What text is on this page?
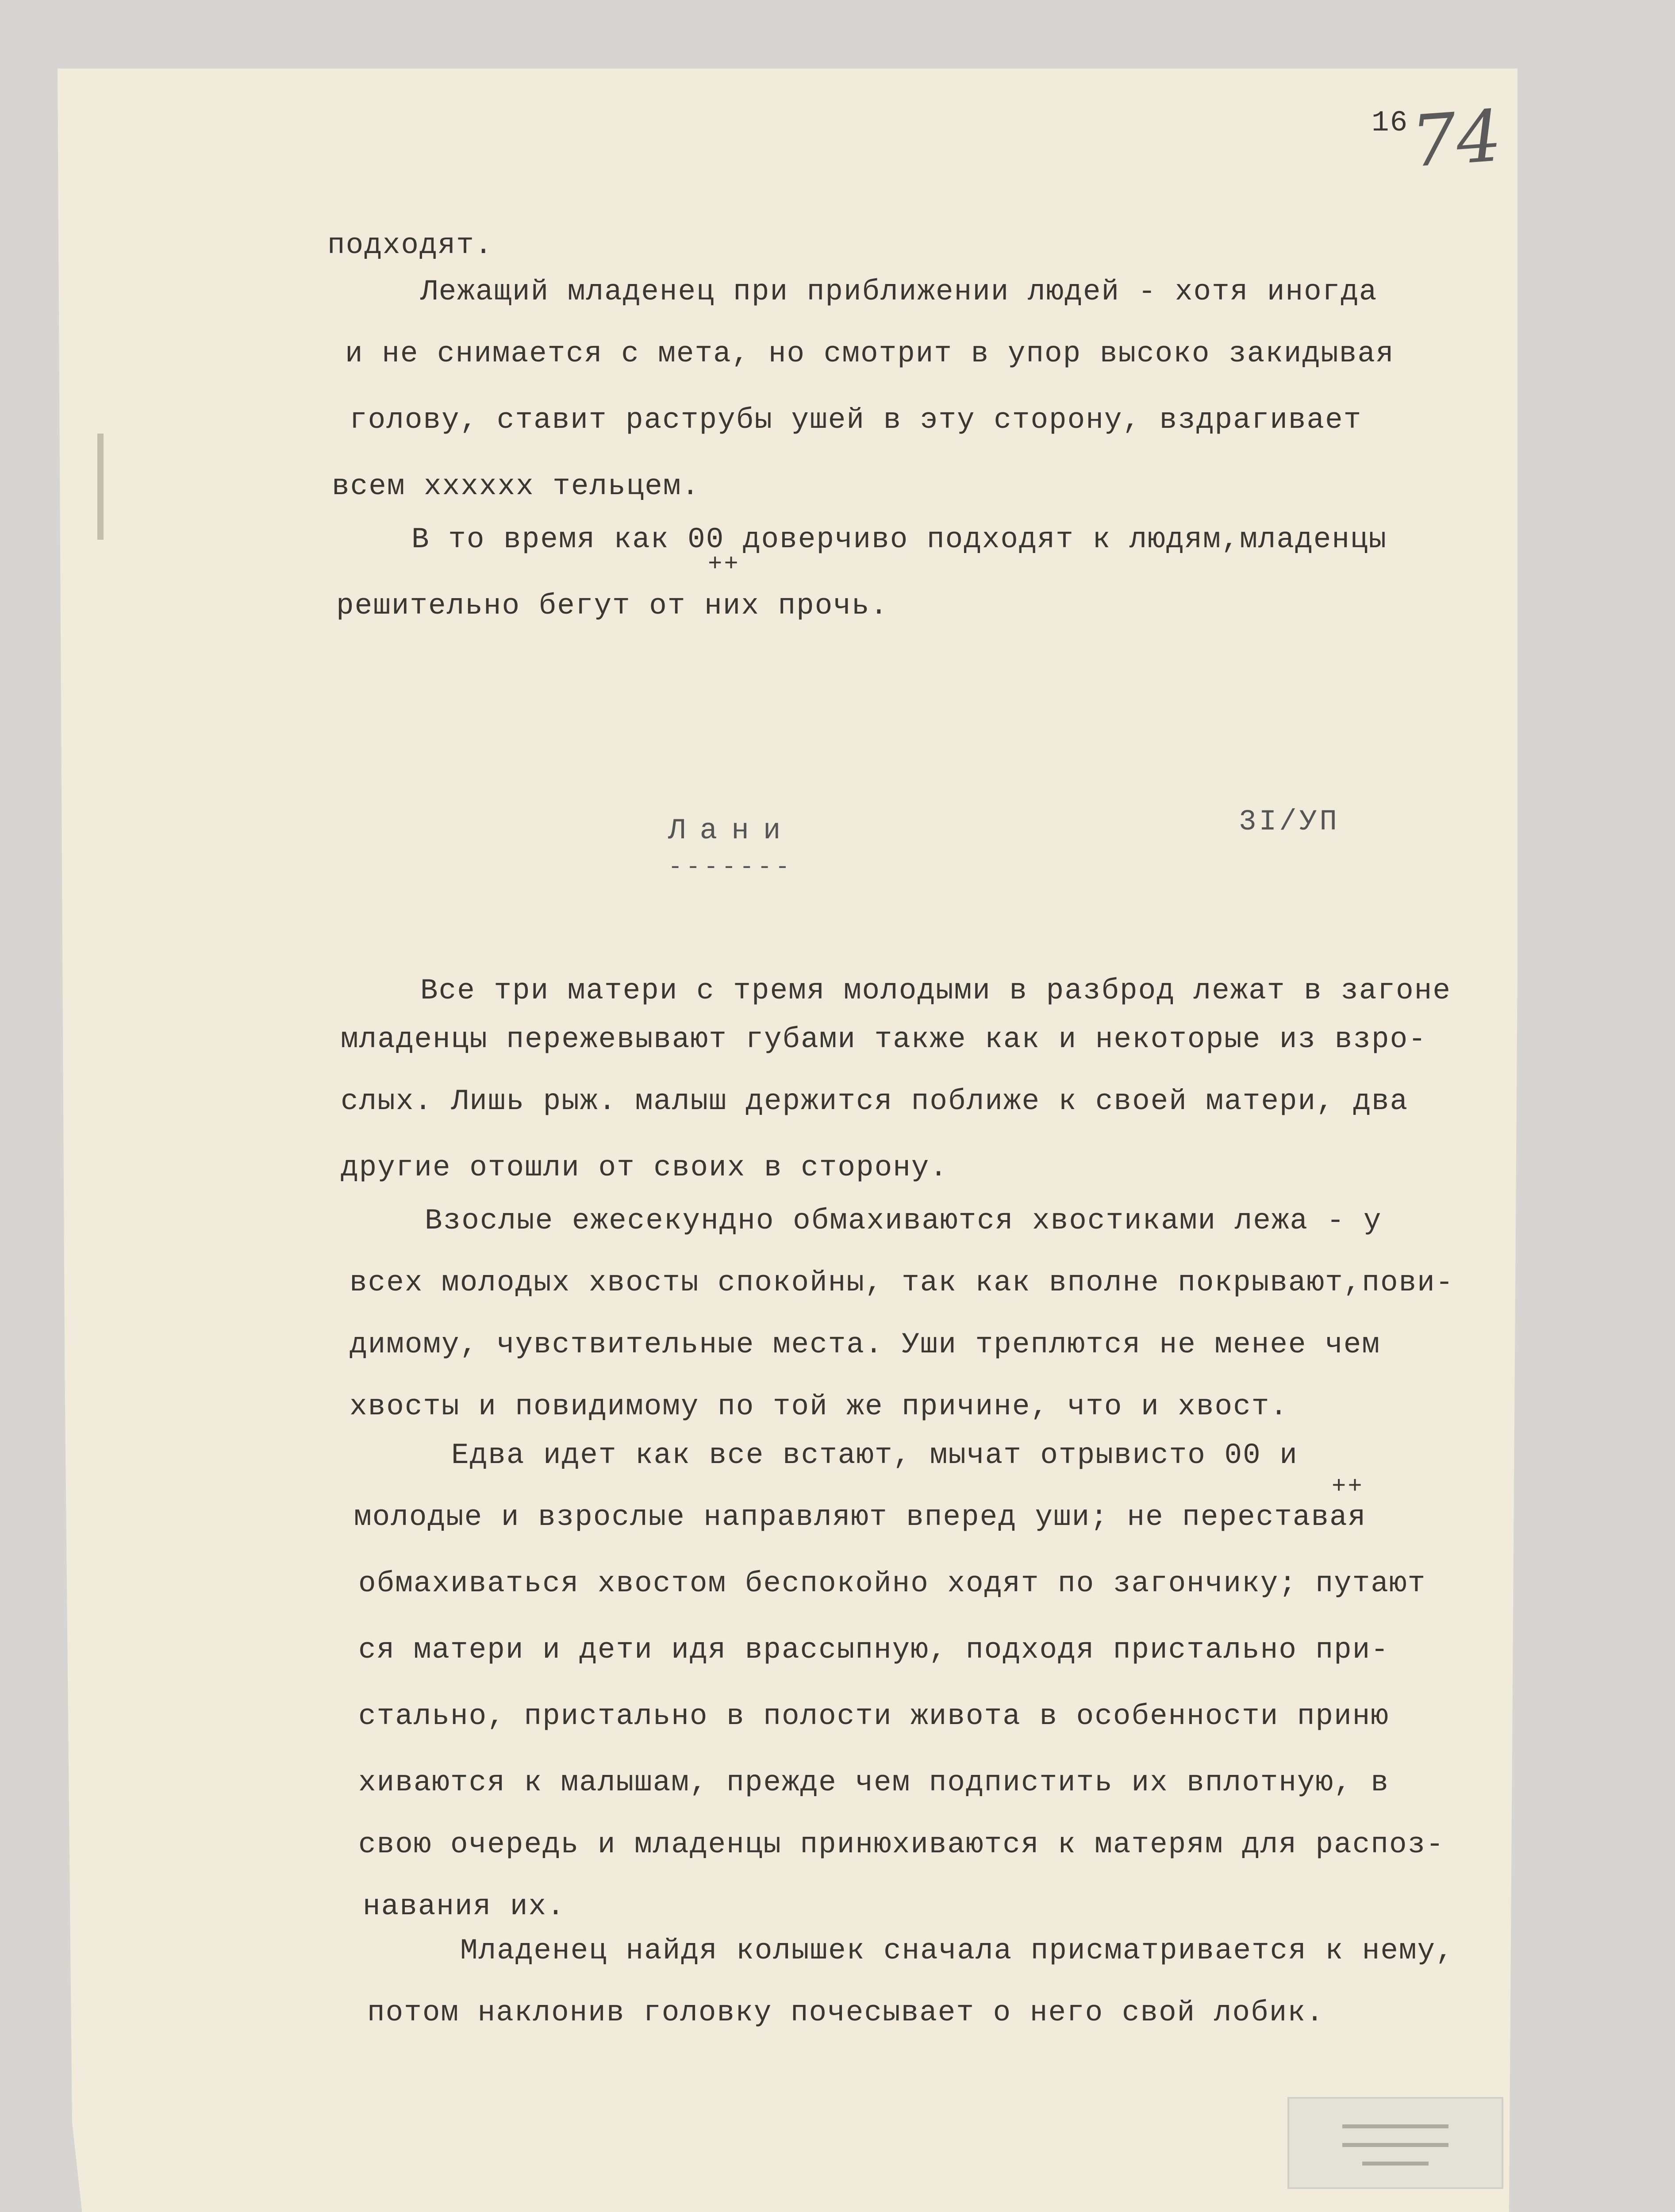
16 74

подходят.

Лежащий младенец при приближении людей - хотя иногда

и не снимается с мета, но смотрит в упор высоко закидывая

голову, ставит раструбы ушей в эту сторону, вздрагивает

всем хххххх тельцем.

В то время как 00 доверчиво подходят к людям,младенцы

++

решительно бегут от них прочь.

Лани
-------
3I/УП

Все три матери с тремя молодыми в разброд лежат в загоне

младенцы пережевывают губами также как и некоторые из взро-

слых. Лишь рыж. малыш держится поближе к своей матери, два

другие отошли от своих в сторону.

Взослые ежесекундно обмахиваются хвостиками лежа - у

всех молодых хвосты спокойны, так как вполне покрывают,пови-

димому, чувствительные места. Уши треплются не менее чем

хвосты и повидимому по той же причине, что и хвост.

Едва идет как все встают, мычат отрывисто 00 и

++

молодые и взрослые направляют вперед уши; не переставая

обмахиваться хвостом беспокойно ходят по загончику; путают

ся матери и дети идя врассыпную, подходя пристально при-

стально, пристально в полости живота в особенности приню

хиваются к малышам, прежде чем подпистить их вплотную, в

свою очередь и младенцы принюхиваются к матерям для распоз-

навания их.

Младенец найдя колышек сначала присматривается к нему,

потом наклонив головку почесывает о него свой лобик.

▬▬▬▬▬▬▬▬
▬▬▬▬▬▬▬▬
▬▬▬▬▬
